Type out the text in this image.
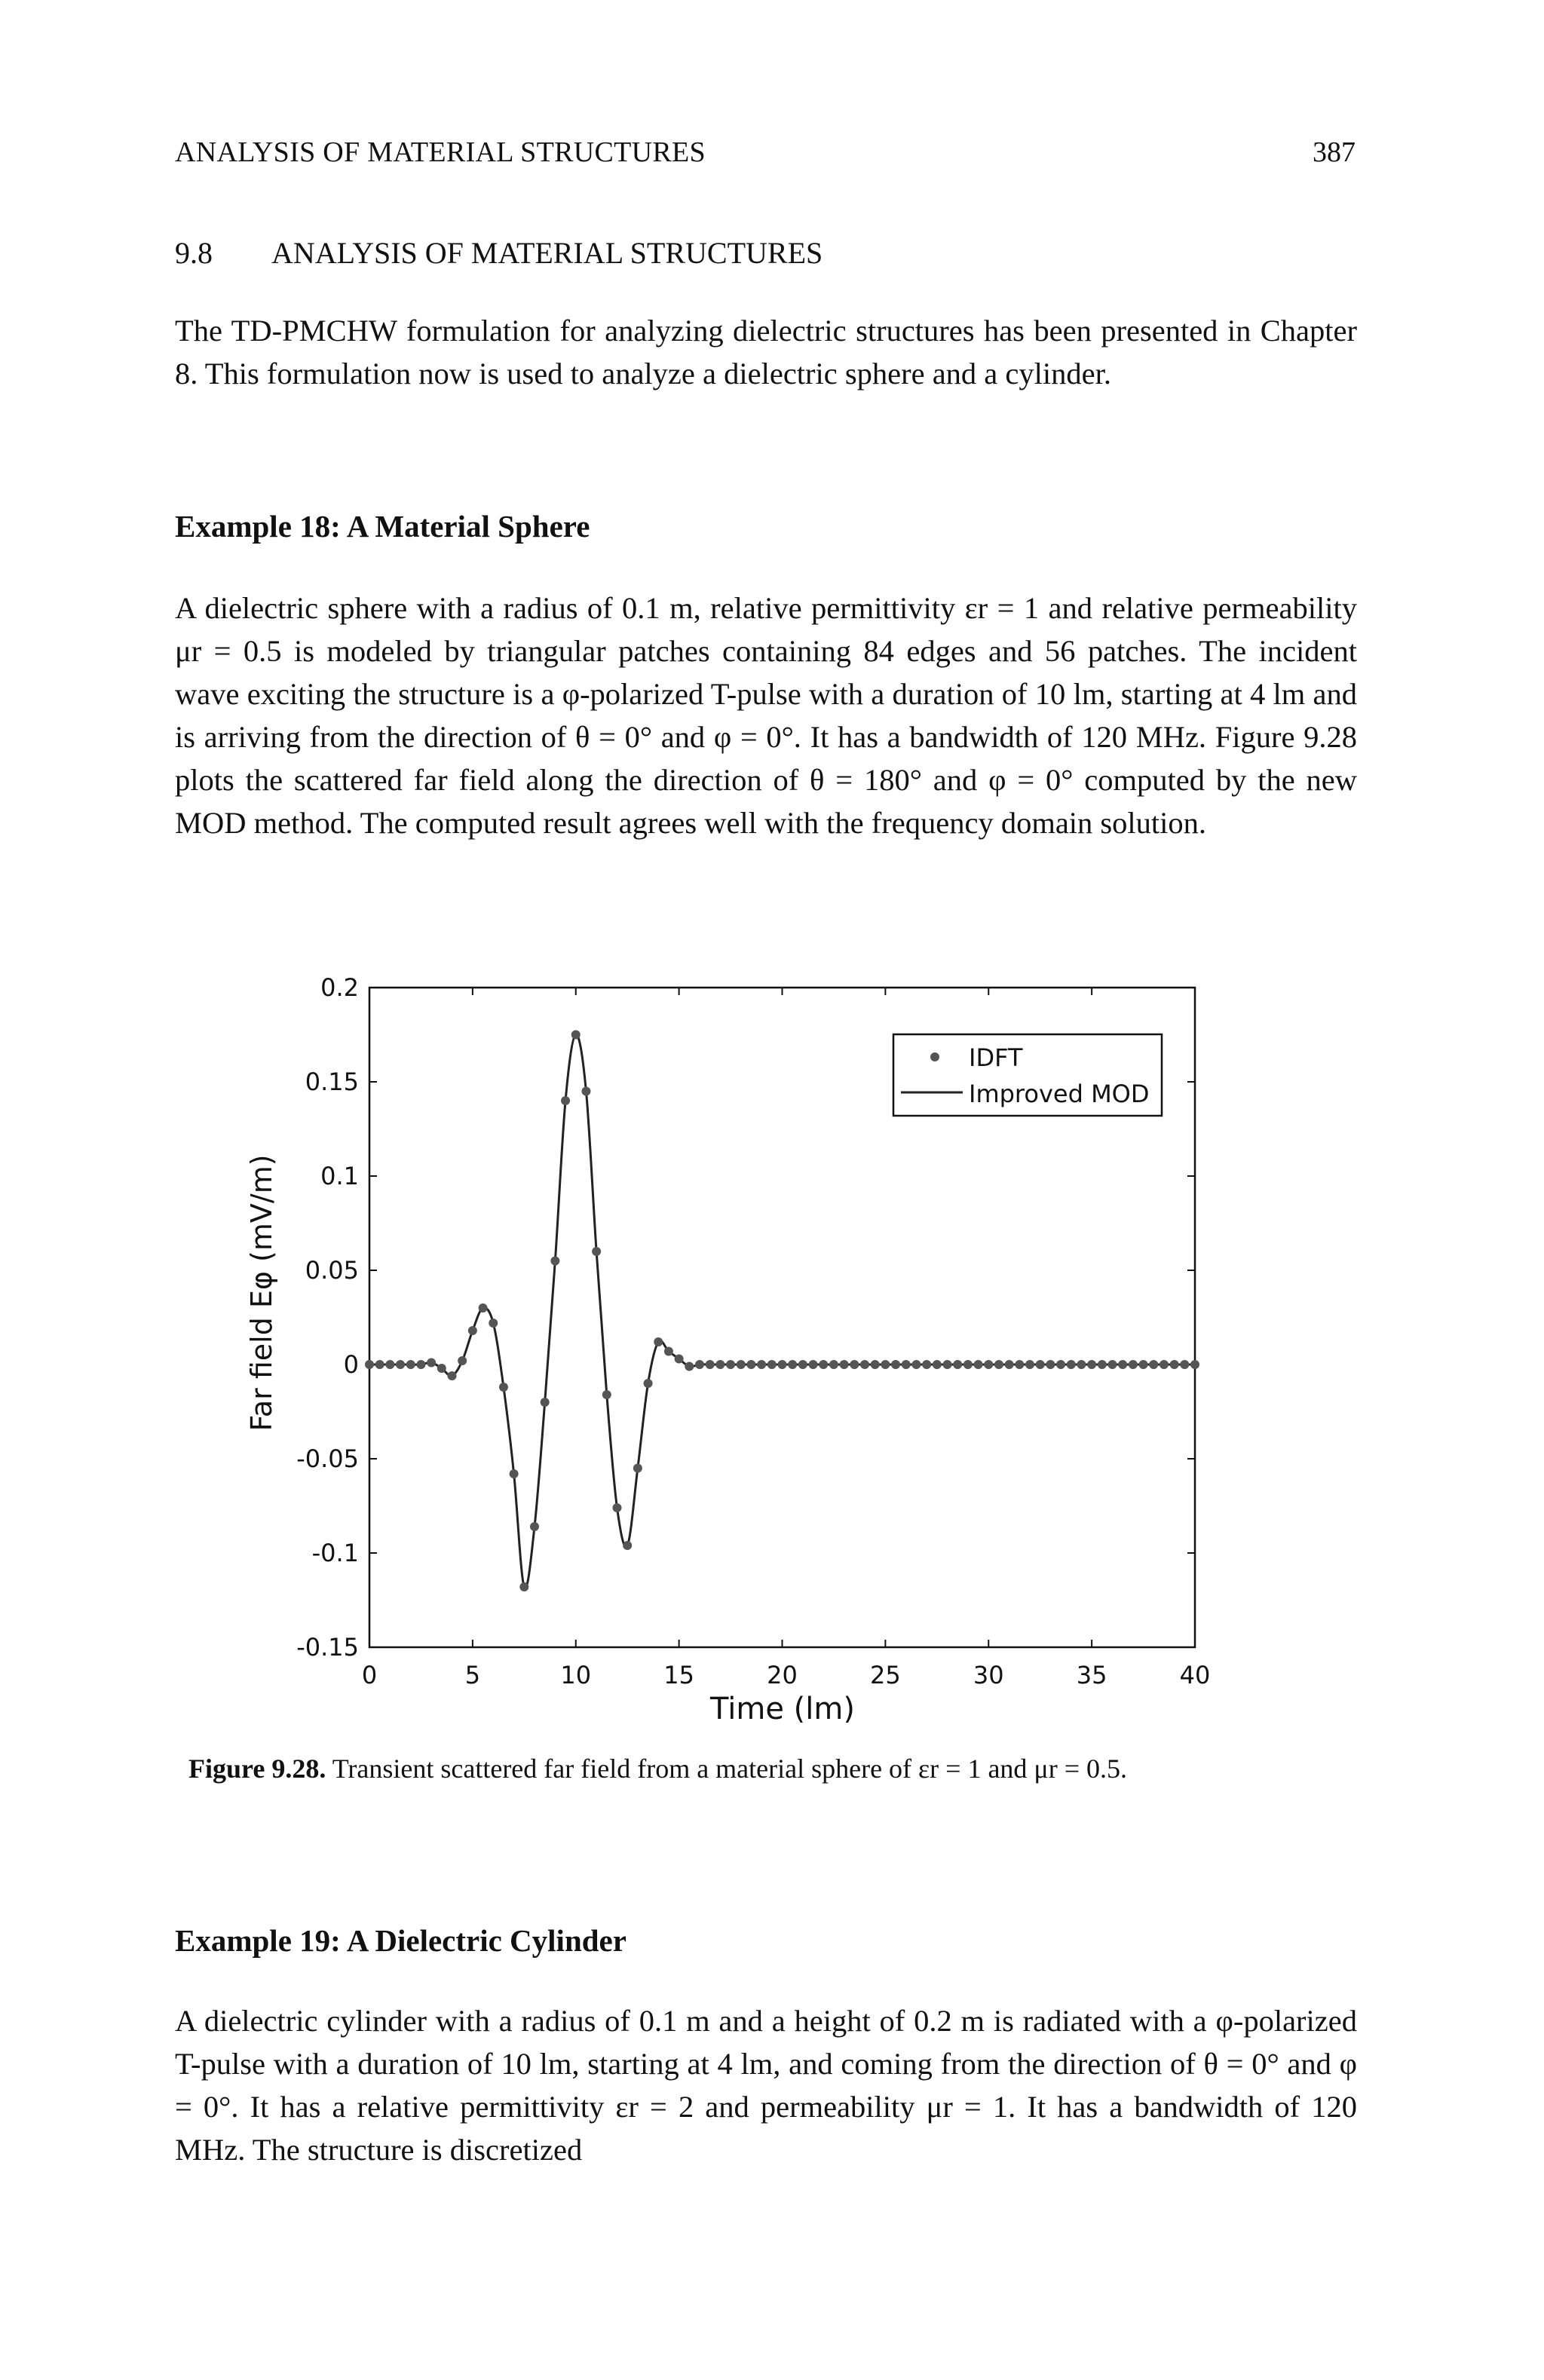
ANALYSIS OF MATERIAL STRUCTURES	387
9.8 ANALYSIS OF MATERIAL STRUCTURES
The TD-PMCHW formulation for analyzing dielectric structures has been presented in Chapter 8. This formulation now is used to analyze a dielectric sphere and a cylinder.
Example 18: A Material Sphere
A dielectric sphere with a radius of 0.1 m, relative permittivity εr = 1 and relative permeability μr = 0.5 is modeled by triangular patches containing 84 edges and 56 patches. The incident wave exciting the structure is a φ-polarized T-pulse with a duration of 10 lm, starting at 4 lm and is arriving from the direction of θ = 0° and φ = 0°. It has a bandwidth of 120 MHz. Figure 9.28 plots the scattered far field along the direction of θ = 180° and φ = 0° computed by the new MOD method. The computed result agrees well with the frequency domain solution.
0	5	10	15	20	25	30	35	40
-0.15
-0.1
-0.05
0
0.05
0.1
0.15
0.2
IDFT
Improved MOD
Far field Eφ (mV/m)
Time (lm)
Figure 9.28. Transient scattered far field from a material sphere of εr = 1 and μr = 0.5.
Example 19: A Dielectric Cylinder
A dielectric cylinder with a radius of 0.1 m and a height of 0.2 m is radiated with a φ-polarized T-pulse with a duration of 10 lm, starting at 4 lm, and coming from the direction of θ = 0° and φ = 0°. It has a relative permittivity εr = 2 and permeability μr = 1. It has a bandwidth of 120 MHz. The structure is discretized
